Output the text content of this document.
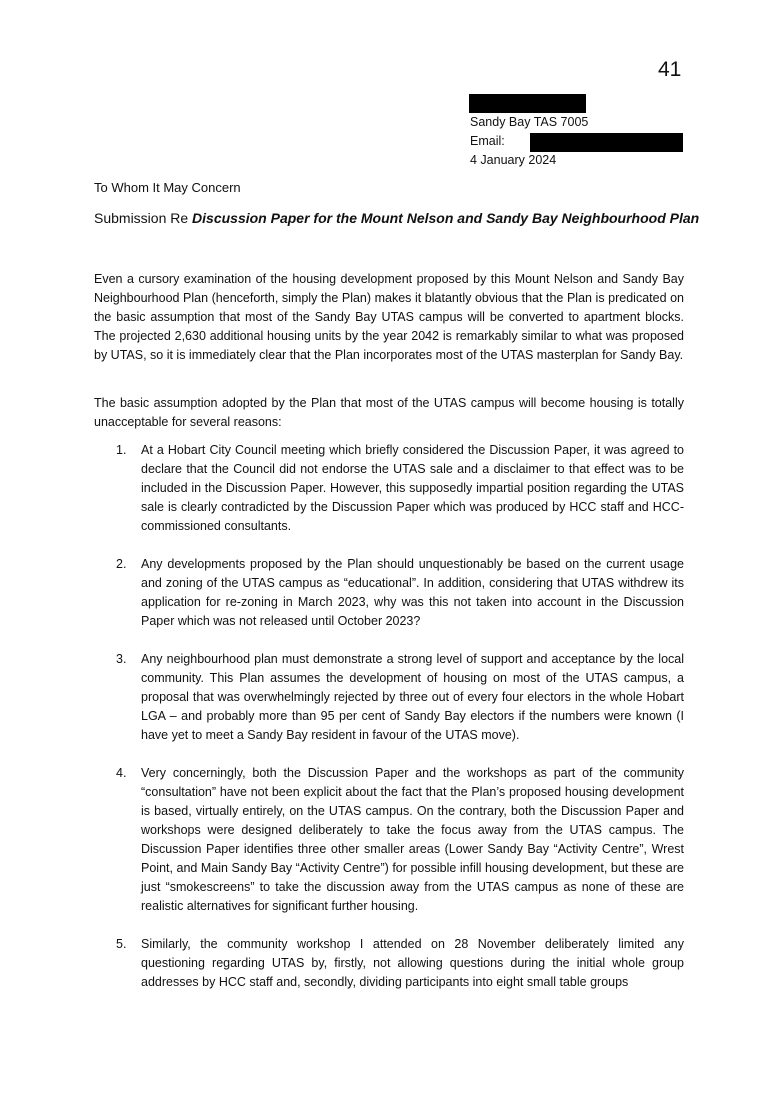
41
Sandy Bay TAS 7005
Email:
4 January 2024
To Whom It May Concern
Submission Re Discussion Paper for the Mount Nelson and Sandy Bay Neighbourhood Plan
Even a cursory examination of the housing development proposed by this Mount Nelson and Sandy Bay Neighbourhood Plan (henceforth, simply the Plan) makes it blatantly obvious that the Plan is predicated on the basic assumption that most of the Sandy Bay UTAS campus will be converted to apartment blocks. The projected 2,630 additional housing units by the year 2042 is remarkably similar to what was proposed by UTAS, so it is immediately clear that the Plan incorporates most of the UTAS masterplan for Sandy Bay.
The basic assumption adopted by the Plan that most of the UTAS campus will become housing is totally unacceptable for several reasons:
1. At a Hobart City Council meeting which briefly considered the Discussion Paper, it was agreed to declare that the Council did not endorse the UTAS sale and a disclaimer to that effect was to be included in the Discussion Paper. However, this supposedly impartial position regarding the UTAS sale is clearly contradicted by the Discussion Paper which was produced by HCC staff and HCC-commissioned consultants.
2. Any developments proposed by the Plan should unquestionably be based on the current usage and zoning of the UTAS campus as “educational”. In addition, considering that UTAS withdrew its application for re-zoning in March 2023, why was this not taken into account in the Discussion Paper which was not released until October 2023?
3. Any neighbourhood plan must demonstrate a strong level of support and acceptance by the local community. This Plan assumes the development of housing on most of the UTAS campus, a proposal that was overwhelmingly rejected by three out of every four electors in the whole Hobart LGA – and probably more than 95 per cent of Sandy Bay electors if the numbers were known (I have yet to meet a Sandy Bay resident in favour of the UTAS move).
4. Very concerningly, both the Discussion Paper and the workshops as part of the community “consultation” have not been explicit about the fact that the Plan’s proposed housing development is based, virtually entirely, on the UTAS campus. On the contrary, both the Discussion Paper and workshops were designed deliberately to take the focus away from the UTAS campus. The Discussion Paper identifies three other smaller areas (Lower Sandy Bay “Activity Centre”, Wrest Point, and Main Sandy Bay “Activity Centre”) for possible infill housing development, but these are just “smokescreens” to take the discussion away from the UTAS campus as none of these are realistic alternatives for significant further housing.
5. Similarly, the community workshop I attended on 28 November deliberately limited any questioning regarding UTAS by, firstly, not allowing questions during the initial whole group addresses by HCC staff and, secondly, dividing participants into eight small table groups
